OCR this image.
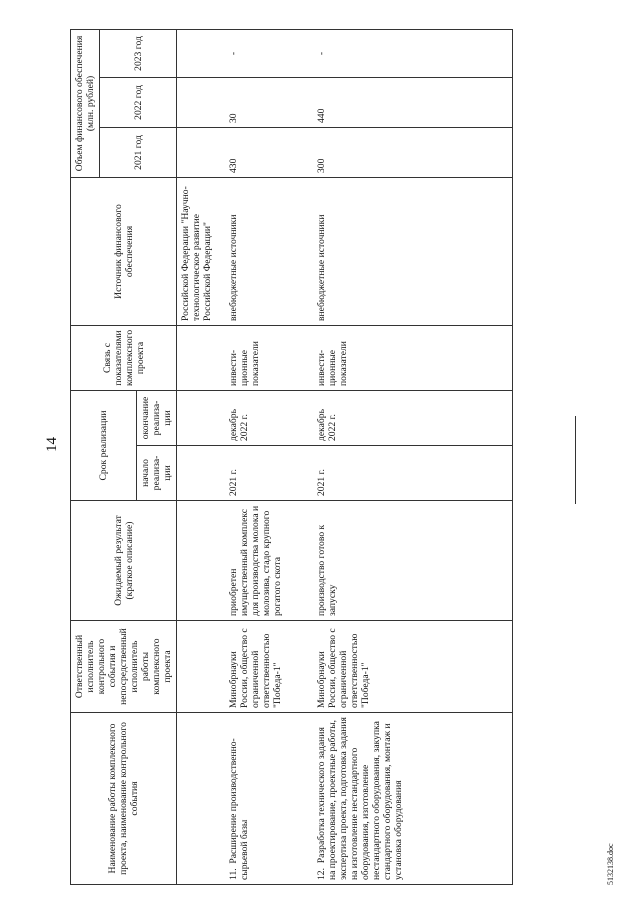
14
5132138.doc
Наименование работы комплексного проекта, наименование контрольного события	Ответственный исполнитель контрольного события и непосредственный исполнитель работы комплексного проекта	Ожидаемый результат (краткое описание)	Срок реализации		Связь с показателями комплексного проекта	Источник финансового обеспечения	Объем финансового обеспечения (млн. рублей)		
							2021 год	2022 год	2023 год
			начало реализа-ции	окончание реализа-ции					
						Российской Федерации "Научно-технологическое развитие Российской Федерации"			
11.  Расширение производственно-сырьевой базы	Минобрнауки России, общество с ограниченной ответственностью "Победа-1"	приобретен имущественный комплекс для производства молока и молозива, стадо крупного рогатого скота	2021 г.	декабрь 2022 г.	инвести-ционные показатели	внебюджетные источники	430	30	-
12.  Разработка технического задания на проектирование, проектные работы, экспертиза проекта, подготовка задания на изготовление нестандартного оборудования, изготовление нестандартного оборудования, закупка стандартного оборудования, монтаж и установка оборудования	Минобрнауки России, общество с ограниченной ответственностью "Победа-1"	производство готово к запуску	2021 г.	декабрь 2022 г.	инвести-ционные показатели	внебюджетные источники	300	440	-
